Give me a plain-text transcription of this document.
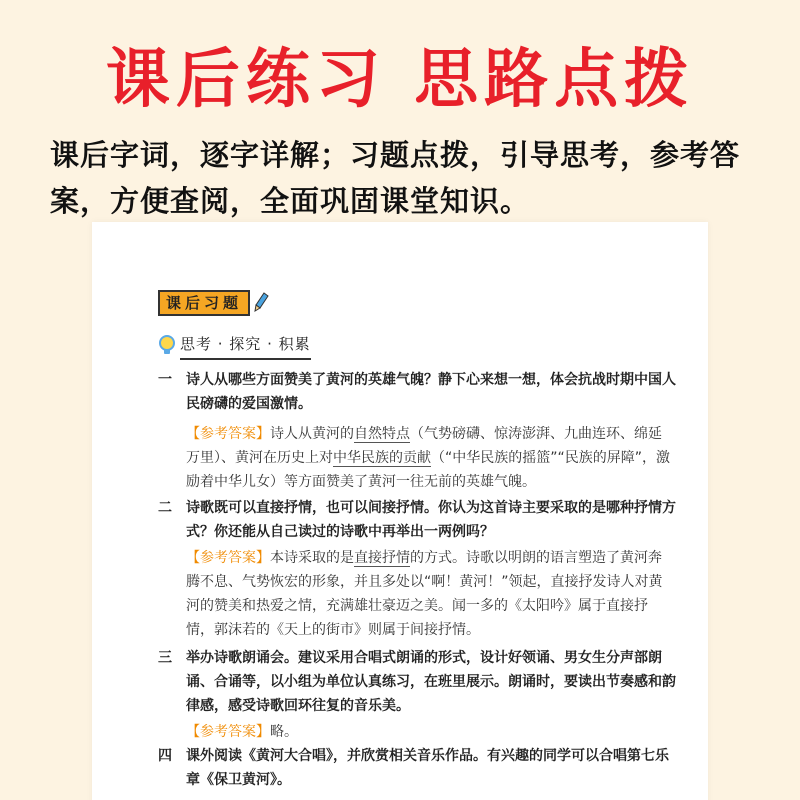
课后练习 思路点拨
课后字词，逐字详解；习题点拨，引导思考，参考答案，方便查阅，全面巩固课堂知识。
课后习题
思考 · 探究 · 积累
一 诗人从哪些方面赞美了黄河的英雄气魄？静下心来想一想，体会抗战时期中国人民磅礴的爱国激情。
【参考答案】诗人从黄河的自然特点（气势磅礴、惊涛澎湃、九曲连环、绵延万里）、黄河在历史上对中华民族的贡献（“中华民族的摇篮”“民族的屏障”，激励着中华儿女）等方面赞美了黄河一往无前的英雄气魄。
二 诗歌既可以直接抒情，也可以间接抒情。你认为这首诗主要采取的是哪种抒情方式？你还能从自己读过的诗歌中再举出一两例吗？
【参考答案】本诗采取的是直接抒情的方式。诗歌以明朗的语言塑造了黄河奔腾不息、气势恢宏的形象，并且多处以“啊！黄河！”领起，直接抒发诗人对黄河的赞美和热爱之情，充满雄壮豪迈之美。闻一多的《太阳吟》属于直接抒情，郭沫若的《天上的街市》则属于间接抒情。
三 举办诗歌朗诵会。建议采用合唱式朗诵的形式，设计好领诵、男女生分声部朗诵、合诵等，以小组为单位认真练习，在班里展示。朗诵时，要读出节奏感和韵律感，感受诗歌回环往复的音乐美。
【参考答案】略。
四 课外阅读《黄河大合唱》，并欣赏相关音乐作品。有兴趣的同学可以合唱第七乐章《保卫黄河》。
